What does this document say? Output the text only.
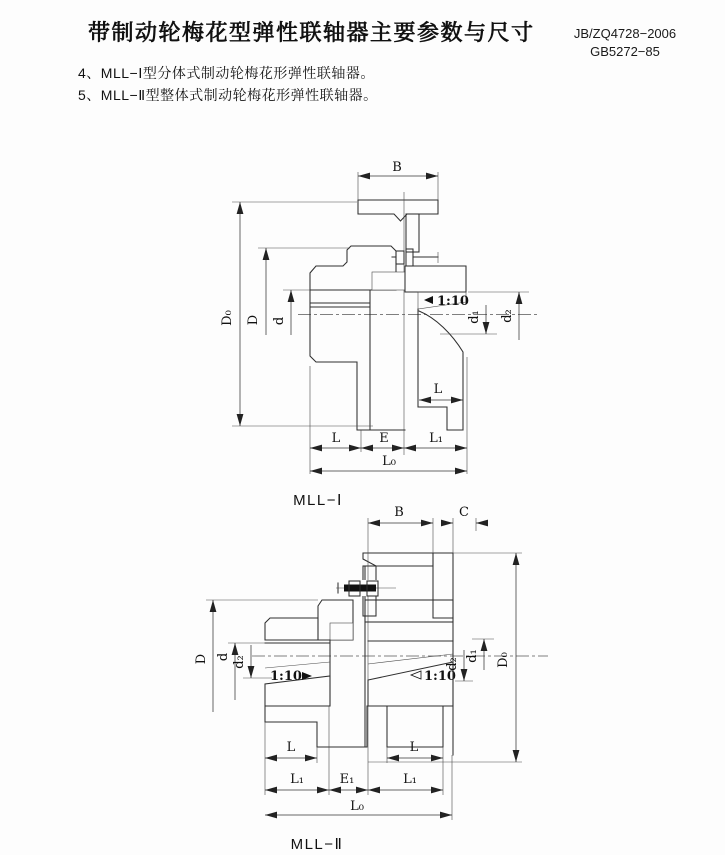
带制动轮梅花型弹性联轴器主要参数与尺寸	JB/ZQ4728−2006
GB5272−85
4、MLL−Ⅰ型分体式制动轮梅花形弹性联轴器。
5、MLL−Ⅱ型整体式制动轮梅花形弹性联轴器。
B
D₀ D d
1:10
d₁ d₂
L
L	E	L₁
L₀
MLL−Ⅰ
1:10	1:10
B	C
D d d₂	d₂
d₁ D₀
L	L
L₁	E₁	L₁
L₀
MLL−Ⅱ
